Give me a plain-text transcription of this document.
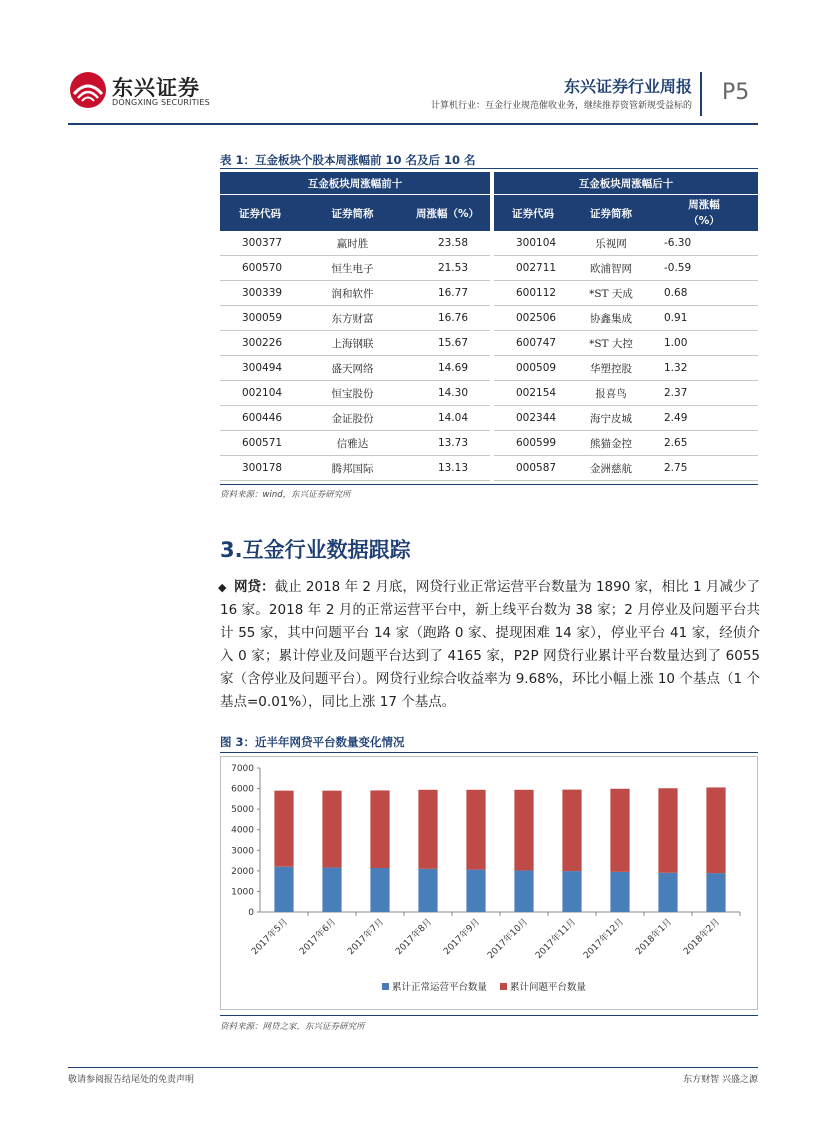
东兴证券
DONGXING SECURITIES
东兴证券行业周报
计算机行业：互金行业规范催收业务，继续推荐资管新规受益标的
P5
表 1：互金板块个股本周涨幅前 10 名及后 10 名
互金板块周涨幅前十				互金板块周涨幅后十		
证券代码	证券简称	周涨幅（%）		证券代码	证券简称	周涨幅
（%）
300377	赢时胜	23.58		300104	乐视网	-6.30
600570	恒生电子	21.53		002711	欧浦智网	-0.59
300339	润和软件	16.77		600112	*ST 天成	0.68
300059	东方财富	16.76		002506	协鑫集成	0.91
300226	上海钢联	15.67		600747	*ST 大控	1.00
300494	盛天网络	14.69		000509	华塑控股	1.32
002104	恒宝股份	14.30		002154	报喜鸟	2.37
600446	金证股份	14.04		002344	海宁皮城	2.49
600571	信雅达	13.73		600599	熊猫金控	2.65
300178	腾邦国际	13.13		000587	金洲慈航	2.75
资料来源：wind，东兴证券研究所
3.互金行业数据跟踪
◆ 网贷：截止 2018 年 2 月底，网贷行业正常运营平台数量为 1890 家，相比 1 月减少了 16 家。2018 年 2 月的正常运营平台中，新上线平台数为 38 家；2 月停业及问题平台共计 55 家，其中问题平台 14 家（跑路 0 家、提现困难 14 家），停业平台 41 家，经侦介入 0 家；累计停业及问题平台达到了 4165 家，P2P 网贷行业累计平台数量达到了 6055 家（含停业及问题平台）。网贷行业综合收益率为 9.68%，环比小幅上涨 10 个基点（1 个基点=0.01%），同比上涨 17 个基点。
图 3：近半年网贷平台数量变化情况
0
1000
2000
3000
4000
5000
6000
7000
2017年5月 2017年6月 2017年7月 2017年8月 2017年9月 2017年10月 2017年11月 2017年12月 2018年1月 2018年2月
累计正常运营平台数量 累计问题平台数量
资料来源：网贷之家，东兴证券研究所
敬请参阅报告结尾处的免责声明	东方财智 兴盛之源
